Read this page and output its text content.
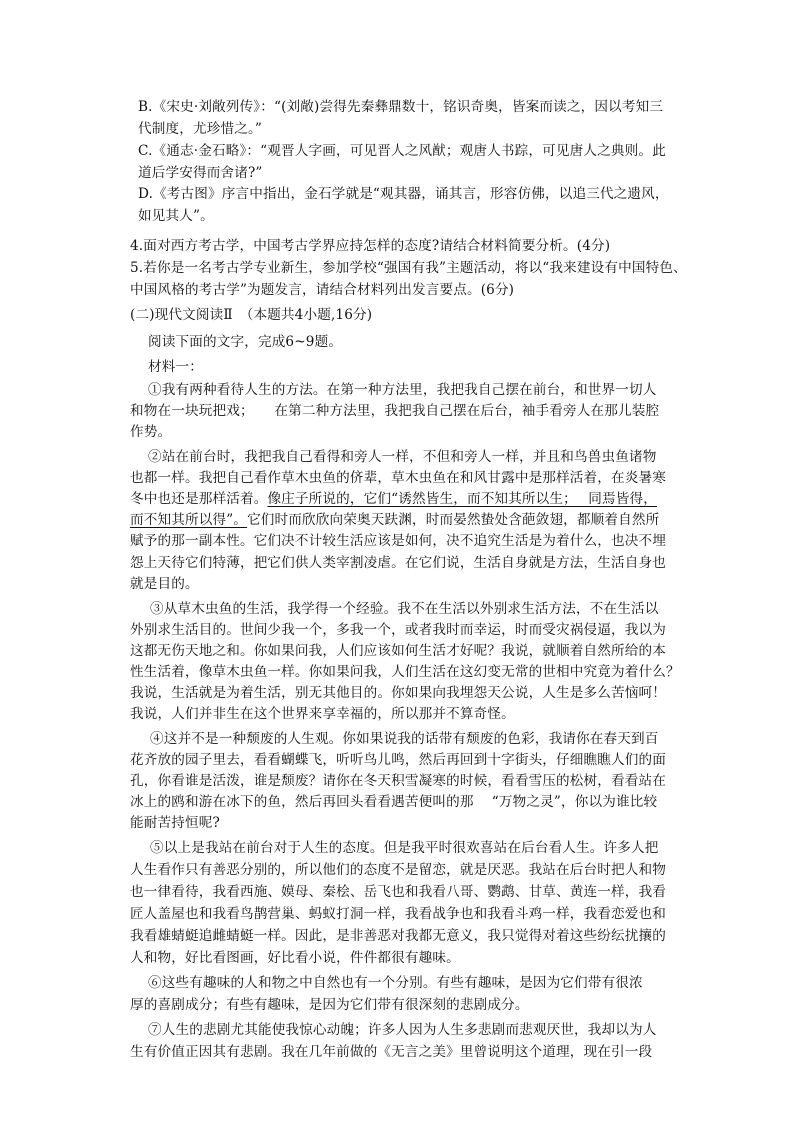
B.《宋史·刘敞列传》：“(刘敞)尝得先秦彝鼎数十，铭识奇奥，皆案而读之，因以考知三
代制度，尤珍惜之。”
C.《通志·金石略》：“观晋人字画，可见晋人之风猷；观唐人书踪，可见唐人之典则。此
道后学安得而舍诸?”
D.《考古图》序言中指出，金石学就是“观其器，诵其言，形容仿佛，以追三代之遗风，
如见其人”。
4.面对西方考古学，中国考古学界应持怎样的态度?请结合材料简要分析。(4分)
5.若你是一名考古学专业新生，参加学校“强国有我”主题活动，将以“我来建设有中国特色、
中国风格的考古学”为题发言，请结合材料列出发言要点。(6分)
(二)现代文阅读Ⅱ　（本题共4小题,16分)
阅读下面的文字，完成6~9题。
材料一：
①我有两种看待人生的方法。在第一种方法里，我把我自己摆在前台，和世界一切人
和物在一块玩把戏；　　在第二种方法里，我把我自己摆在后台，袖手看旁人在那儿装腔
作势。
②站在前台时，我把我自己看得和旁人一样，不但和旁人一样，并且和鸟兽虫鱼诸物
也都一样。我把自己看作草木虫鱼的侪辈，草木虫鱼在和风甘露中是那样活着，在炎暑寒
冬中也还是那样活着。像庄子所说的，它们“诱然皆生，而不知其所以生；　 同焉皆得，
而不知其所以得”。它们时而欣欣向荣奥天趺渊，时而晏然蛰处含葩敛翅，都顺着自然所
赋予的那一副本性。它们决不计较生活应该是如何，决不追究生活是为着什么，也决不埋
怨上天待它们特薄，把它们供人类宰割凌虐。在它们说，生活自身就是方法，生活自身也
就是目的。
③从草木虫鱼的生活，我学得一个经验。我不在生活以外别求生活方法，不在生活以
外别求生活目的。世间少我一个，多我一个，或者我时而幸运，时而受灾祸侵逼，我以为
这都无伤天地之和。你如果问我，人们应该如何生活才好呢？我说，就顺着自然所给的本
性生活着，像草木虫鱼一样。你如果问我，人们生活在这幻变无常的世相中究竟为着什么？
我说，生活就是为着生活，别无其他目的。你如果向我埋怨天公说，人生是多么苦恼呵！
我说，人们并非生在这个世界来享幸福的，所以那并不算奇怪。
④这并不是一种颓废的人生观。你如果说我的话带有颓废的色彩，我请你在春天到百
花齐放的园子里去，看看蝴蝶飞，听听鸟儿鸣，然后再回到十字街头，仔细瞧瞧人们的面
孔，你看谁是活泼，谁是颓废？请你在冬天积雪凝寒的时候，看看雪压的松树，看看站在
冰上的鸥和游在冰下的鱼，然后再回头看看遇苦便叫的那　 “万物之灵”，你以为谁比较
能耐苦持恒呢?
⑤以上是我站在前台对于人生的态度。但是我平时很欢喜站在后台看人生。许多人把
人生看作只有善恶分别的，所以他们的态度不是留恋，就是厌恶。我站在后台时把人和物
也一律看待，我看西施、嫫母、秦桧、岳飞也和我看八哥、鹦鹉、甘草、黄连一样，我看
匠人盖屋也和我看鸟鹊营巢、蚂蚁打洞一样，我看战争也和我看斗鸡一样，我看恋爱也和
我看雄蜻蜓追雌蜻蜓一样。因此，是非善恶对我都无意义，我只觉得对着这些纷纭扰攘的
人和物，好比看图画，好比看小说，件件都很有趣味。
⑥这些有趣味的人和物之中自然也有一个分别。有些有趣味，是因为它们带有很浓
厚的喜剧成分；有些有趣味，是因为它们带有很深刻的悲剧成分。
⑦人生的悲剧尤其能使我惊心动魄；许多人因为人生多悲剧而悲观厌世，我却以为人
生有价值正因其有悲剧。我在几年前做的《无言之美》里曾说明这个道理，现在引一段
